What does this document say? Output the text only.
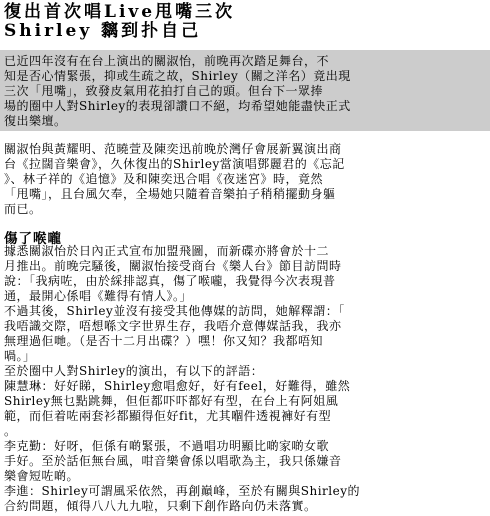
復出首次唱Live甩嘴三次
Shirley 黐到扑自己
已近四年沒有在台上演出的關淑怡，前晚再次踏足舞台，不
知是否心情緊張，抑或生疏之故，Shirley（關之洋名）竟出現
三次「甩嘴」，致發皮氣用花拍打自己的頭。但台下一眾捧
場的圈中人對Shirley的表現卻讚口不絕，均希望她能盡快正式
復出樂壇。
關淑怡與黃耀明、范曉萱及陳奕迅前晚於灣仔會展新翼演出商
台《拉闊音樂會》，久休復出的Shirley當演唱鄧麗君的《忘記
》、林子祥的《追憶》及和陳奕迅合唱《夜迷宮》時，竟然
「甩嘴」，且台風欠奉，全場她只隨着音樂拍子稍稍擺動身軀
而已。
傷了喉嚨
據悉關淑怡於日內正式宣布加盟飛圖，而新碟亦將會於十二
月推出。前晚完騷後，關淑怡接受商台《樂人台》節目訪問時
說：「我病咗，由於綵排認真，傷了喉嚨，我覺得今次表現普
通，最開心係唱《難得有情人》。」
不過其後，Shirley並沒有接受其他傳媒的訪問，她解釋謂：「
我唔識交際，唔想喺文字世界生存，我唔介意傳媒話我，我亦
無理過佢哋。（是否十二月出碟？）嘿！你又知？我都唔知
喎。」
至於圈中人對Shirley的演出，有以下的評語：
陳慧琳：好好睇，Shirley愈唱愈好，好有feel，好難得，雖然
Shirley無乜點跳舞，但佢都吓吓都好有型，在台上有阿姐風
範，而佢着咗兩套衫都顯得佢好fit，尤其嗰件透視褲好有型
。
李克勤：好呀，佢係有啲緊張，不過唱功明顯比啲家啲女歌
手好。至於話佢無台風，咁音樂會係以唱歌為主，我只係嫌音
樂會短咗啲。
李進：Shirley可謂風采依然，再創巔峰，至於有關與Shirley的
合約問題，傾得八八九九啦，只剩下創作路向仍未落實。
